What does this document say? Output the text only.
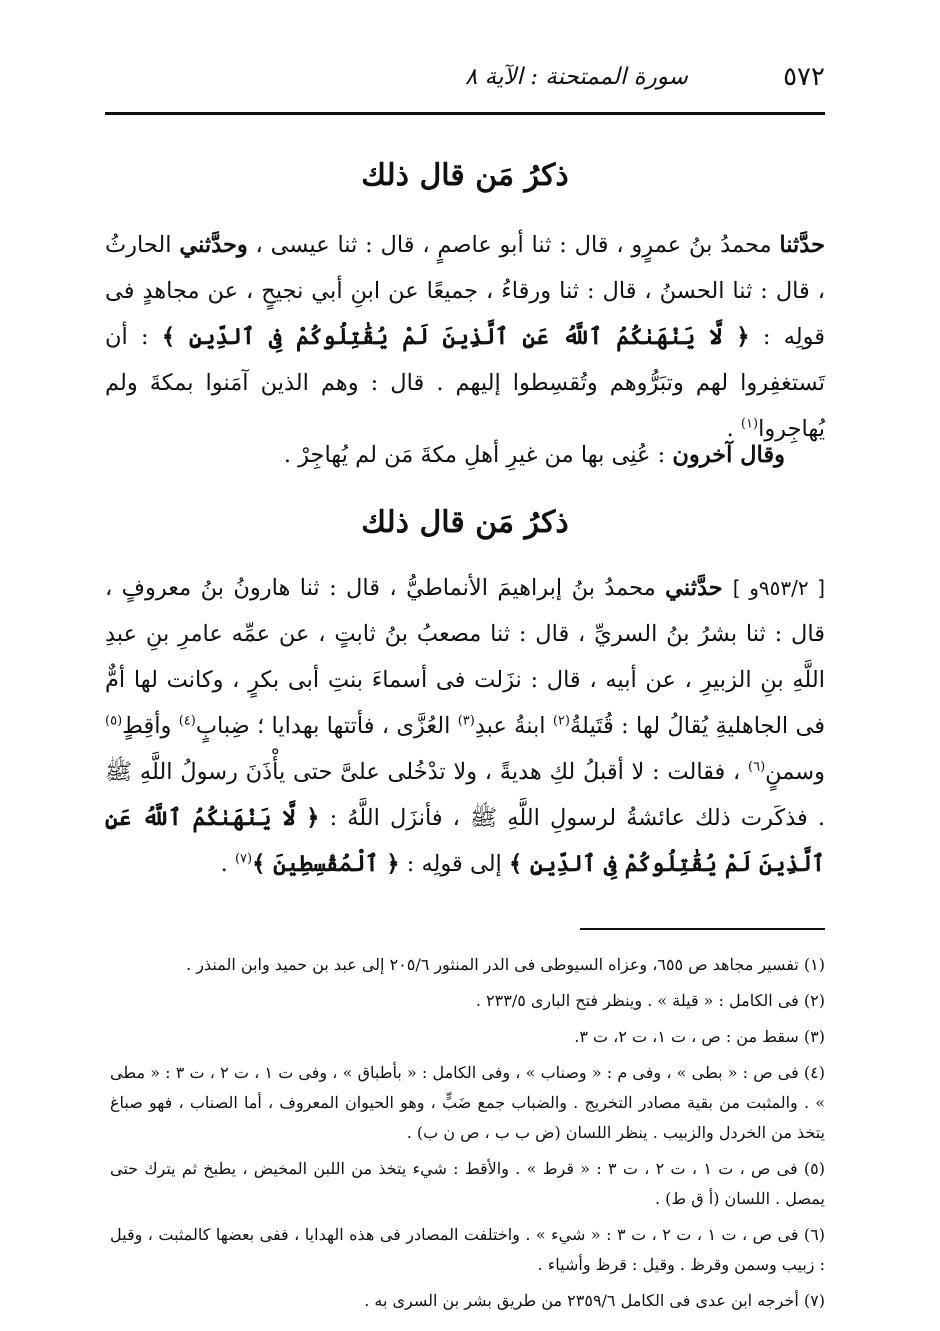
٥٧٢
سورة الممتحنة : الآية ٨
ذكرُ مَن قال ذلك
حدَّثنا محمدُ بنُ عمرٍو ، قال : ثنا أبو عاصمٍ ، قال : ثنا عيسى ، وحدَّثني الحارثُ ، قال : ثنا الحسنُ ، قال : ثنا ورقاءُ ، جميعًا عن ابنِ أبي نجيحٍ ، عن مجاهدٍ فى قولِه : ﴿ لَّا يَنْهَىٰكُمُ ٱللَّهُ عَنِ ٱلَّذِينَ لَمْ يُقَٰتِلُوكُمْ فِى ٱلدِّينِ ﴾ : أن تَستغفِروا لهم وتبَرُّوهم وتُقسِطوا إليهم . قال : وهم الذين آمَنوا بمكةَ ولم يُهاجِروا$^{(١)}$ .
وقال آخرون : عُنِى بها من غيرِ أهلِ مكةَ مَن لم يُهاجِرْ .
ذكرُ مَن قال ذلك
[ ٩٥٣/٢و ] حدَّثني محمدُ بنُ إبراهيمَ الأنماطيُّ ، قال : ثنا هارونُ بنُ معروفٍ ، قال : ثنا بشرُ بنُ السريِّ ، قال : ثنا مصعبُ بنُ ثابتٍ ، عن عمِّه عامرِ بنِ عبدِ اللَّهِ بنِ الزبيرِ ، عن أبيه ، قال : نزَلت فى أسماءَ بنتِ أبى بكرٍ ، وكانت لها أمٌّ فى الجاهليةِ يُقالُ لها : قُتَيلةُ$^{(٢)}$ ابنةُ عبدِ$^{(٣)}$ العُزَّى ، فأتتها بهدايا ؛ ضِبابٍ$^{(٤)}$ وأقِطٍ$^{(٥)}$ وسمنٍ$^{(٦)}$ ، فقالت : لا أقبلُ لكِ هديةً ، ولا تدْخُلى علىَّ حتى يأْذَنَ رسولُ اللَّهِ ﷺ . فذكَرت ذلك عائشةُ لرسولِ اللَّهِ ﷺ ، فأنزَل اللَّهُ : ﴿ لَّا يَنْهَىٰكُمُ ٱللَّهُ عَنِ ٱلَّذِينَ لَمْ يُقَٰتِلُوكُمْ فِى ٱلدِّينِ ﴾ إلى قولِه : ﴿ ٱلْمُقْسِطِينَ ﴾$^{(٧)}$ .

(١) تفسير مجاهد ص ٦٥٥، وعزاه السيوطى فى الدر المنثور ٢٠٥/٦ إلى عبد بن حميد وابن المنذر .

(٢) فى الكامل : « قيلة » . وينظر فتح البارى ٢٣٣/٥ .

(٣) سقط من : ص ، ت ١، ت ٢، ت ٣.

(٤) فى ص : « بطى » ، وفى م : « وصناب » ، وفى الكامل : « بأطباق » ، وفى ت ١ ، ت ٢ ، ت ٣ : « مطى » . والمثبت من بقية مصادر التخريج . والضباب جمع ضَبٍّ ، وهو الحيوان المعروف ، أما الصناب ، فهو صباغ يتخذ من الخردل والزبيب . ينظر اللسان (ض ب ب ، ص ن ب) .

(٥) فى ص ، ت ١ ، ت ٢ ، ت ٣ : « قرط » . والأقط : شيء يتخذ من اللبن المخيض ، يطبخ ثم يترك حتى يمصل . اللسان (أ ق ط) .

(٦) فى ص ، ت ١ ، ت ٢ ، ت ٣ : « شيء » . واختلفت المصادر فى هذه الهدايا ، ففى بعضها كالمثبت ، وقيل : زبيب وسمن وقرظ . وقيل : قرظ وأشياء .

(٧) أخرجه ابن عدى فى الكامل ٢٣٥٩/٦ من طريق بشر بن السرى به .
